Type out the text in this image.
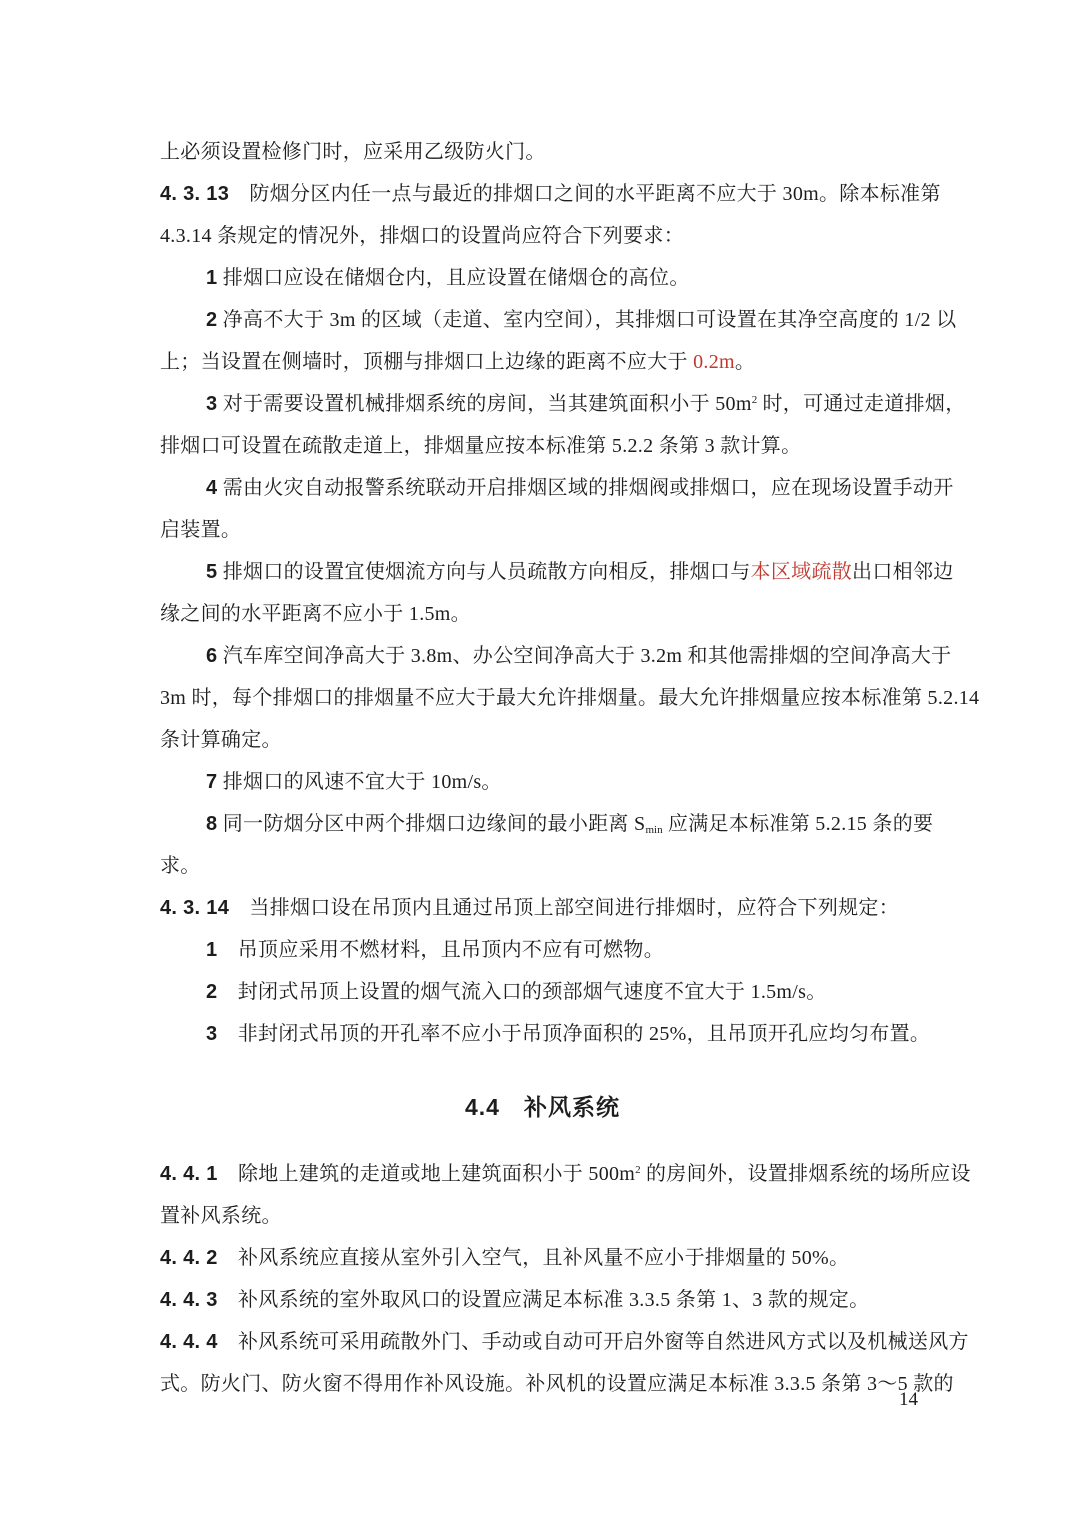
上必须设置检修门时，应采用乙级防火门。
4. 3. 13　防烟分区内任一点与最近的排烟口之间的水平距离不应大于 30m。除本标准第
4.3.14 条规定的情况外，排烟口的设置尚应符合下列要求：
1 排烟口应设在储烟仓内，且应设置在储烟仓的高位。
2 净高不大于 3m 的区域（走道、室内空间），其排烟口可设置在其净空高度的 1/2 以
上；当设置在侧墙时，顶棚与排烟口上边缘的距离不应大于 0.2m。
3 对于需要设置机械排烟系统的房间，当其建筑面积小于 $50m^2$ 时，可通过走道排烟，
排烟口可设置在疏散走道上，排烟量应按本标准第 5.2.2 条第 3 款计算。
4 需由火灾自动报警系统联动开启排烟区域的排烟阀或排烟口，应在现场设置手动开
启装置。
5 排烟口的设置宜使烟流方向与人员疏散方向相反，排烟口与本区域疏散出口相邻边
缘之间的水平距离不应小于 1.5m。
6 汽车库空间净高大于 3.8m、办公空间净高大于 3.2m 和其他需排烟的空间净高大于
3m 时，每个排烟口的排烟量不应大于最大允许排烟量。最大允许排烟量应按本标准第 5.2.14
条计算确定。
7 排烟口的风速不宜大于 10m/s。
8 同一防烟分区中两个排烟口边缘间的最小距离 Smin 应满足本标准第 5.2.15 条的要
求。
4. 3. 14　当排烟口设在吊顶内且通过吊顶上部空间进行排烟时，应符合下列规定：
1　吊顶应采用不燃材料，且吊顶内不应有可燃物。
2　封闭式吊顶上设置的烟气流入口的颈部烟气速度不宜大于 1.5m/s。
3　非封闭式吊顶的开孔率不应小于吊顶净面积的 25%，且吊顶开孔应均匀布置。
4.4　补风系统
4. 4. 1　除地上建筑的走道或地上建筑面积小于 $500m^2$ 的房间外，设置排烟系统的场所应设
置补风系统。
4. 4. 2　补风系统应直接从室外引入空气，且补风量不应小于排烟量的 50%。
4. 4. 3　补风系统的室外取风口的设置应满足本标准 3.3.5 条第 1、3 款的规定。
4. 4. 4　补风系统可采用疏散外门、手动或自动可开启外窗等自然进风方式以及机械送风方
式。防火门、防火窗不得用作补风设施。补风机的设置应满足本标准 3.3.5 条第 3～5 款的
14
